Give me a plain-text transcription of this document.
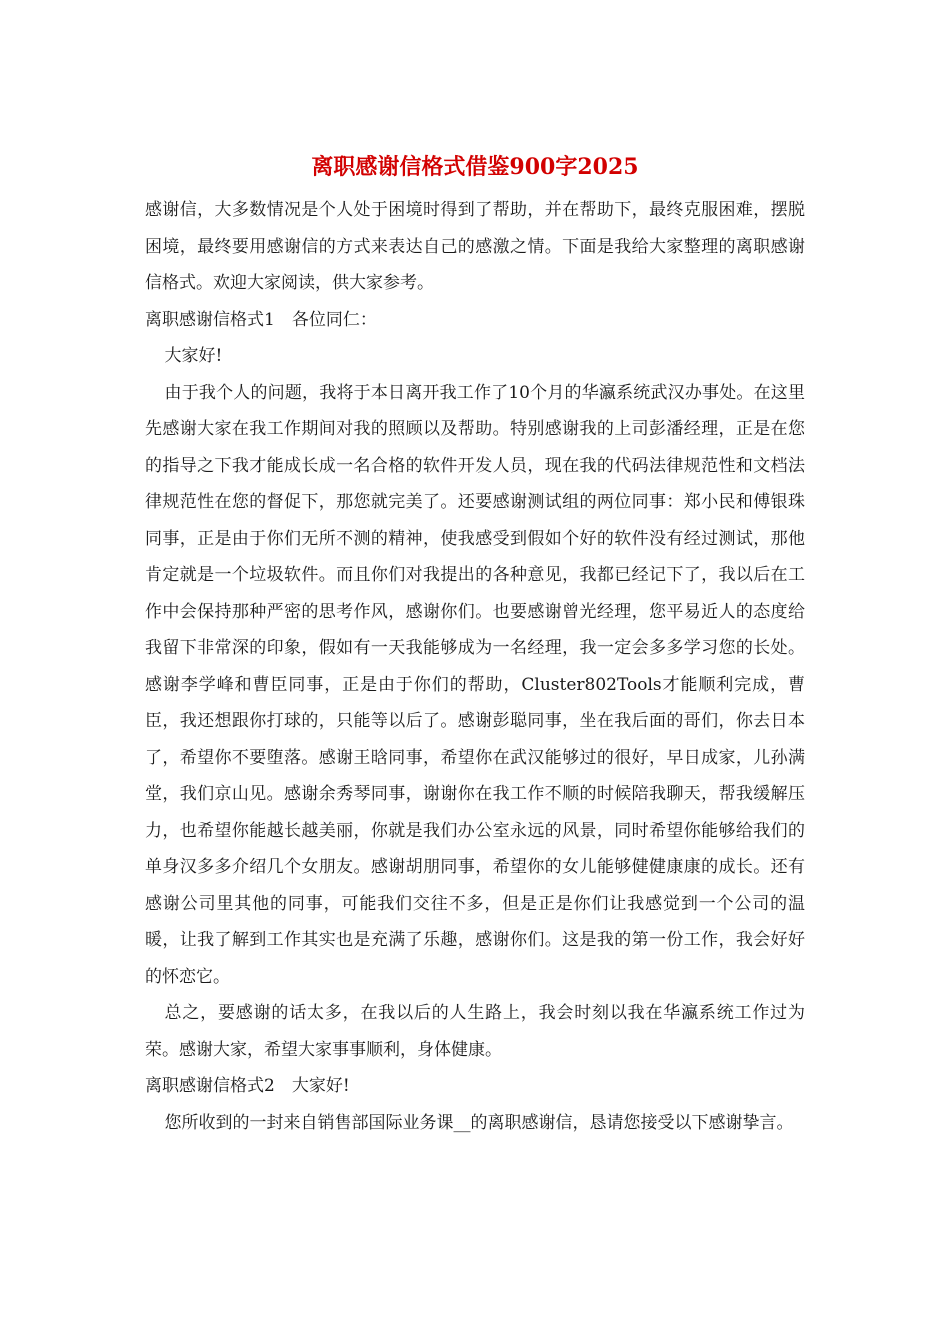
离职感谢信格式借鉴900字2025

感谢信，大多数情况是个人处于困境时得到了帮助，并在帮助下，最终克服困难，摆脱困境，最终要用感谢信的方式来表达自己的感激之情。下面是我给大家整理的离职感谢信格式。欢迎大家阅读，供大家参考。

离职感谢信格式1　各位同仁：

大家好!

由于我个人的问题，我将于本日离开我工作了10个月的华瀛系统武汉办事处。在这里先感谢大家在我工作期间对我的照顾以及帮助。特别感谢我的上司彭潘经理，正是在您的指导之下我才能成长成一名合格的软件开发人员，现在我的代码法律规范性和文档法律规范性在您的督促下，那您就完美了。还要感谢测试组的两位同事：郑小民和傅银珠同事，正是由于你们无所不测的精神，使我感受到假如个好的软件没有经过测试，那他肯定就是一个垃圾软件。而且你们对我提出的各种意见，我都已经记下了，我以后在工作中会保持那种严密的思考作风，感谢你们。也要感谢曾光经理，您平易近人的态度给我留下非常深的印象，假如有一天我能够成为一名经理，我一定会多多学习您的长处。感谢李学峰和曹臣同事，正是由于你们的帮助，Cluster802Tools才能顺利完成，曹臣，我还想跟你打球的，只能等以后了。感谢彭聪同事，坐在我后面的哥们，你去日本了，希望你不要堕落。感谢王晗同事，希望你在武汉能够过的很好，早日成家，儿孙满堂，我们京山见。感谢余秀琴同事，谢谢你在我工作不顺的时候陪我聊天，帮我缓解压力，也希望你能越长越美丽，你就是我们办公室永远的风景，同时希望你能够给我们的单身汉多多介绍几个女朋友。感谢胡朋同事，希望你的女儿能够健健康康的成长。还有感谢公司里其他的同事，可能我们交往不多，但是正是你们让我感觉到一个公司的温暖，让我了解到工作其实也是充满了乐趣，感谢你们。这是我的第一份工作，我会好好的怀恋它。

总之，要感谢的话太多，在我以后的人生路上，我会时刻以我在华瀛系统工作过为荣。感谢大家，希望大家事事顺利，身体健康。

离职感谢信格式2　大家好!

您所收到的一封来自销售部国际业务课__的离职感谢信，恳请您接受以下感谢挚言。
